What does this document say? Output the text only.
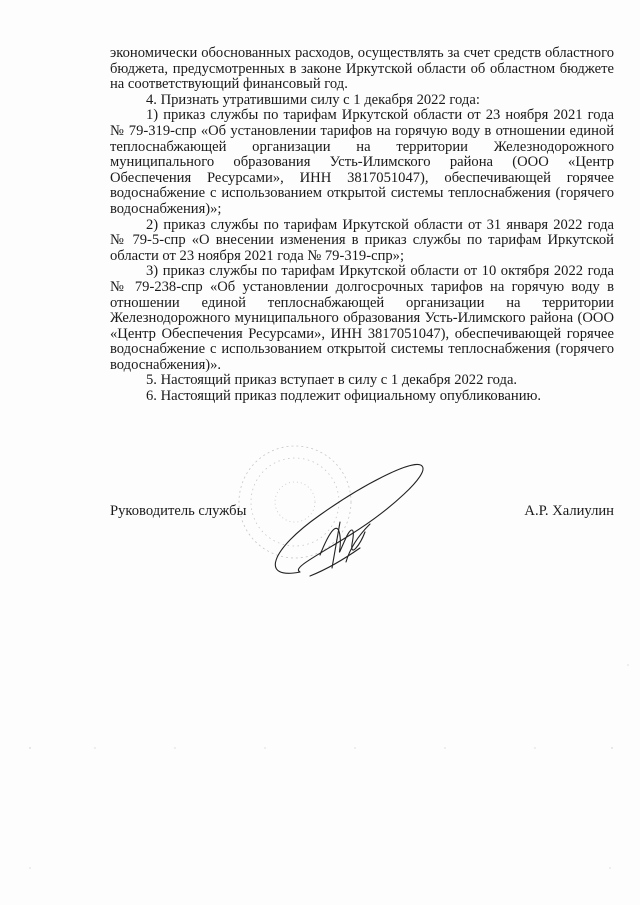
экономически обоснованных расходов, осуществлять за счет средств областного бюджета, предусмотренных в законе Иркутской области об областном бюджете на соответствующий финансовый год.

4. Признать утратившими силу с 1 декабря 2022 года:

1) приказ службы по тарифам Иркутской области от 23 ноября 2021 года № 79-319-спр «Об установлении тарифов на горячую воду в отношении единой теплоснабжающей организации на территории Железнодорожного муниципального образования Усть-Илимского района (ООО «Центр Обеспечения Ресурсами», ИНН 3817051047), обеспечивающей горячее водоснабжение с использованием открытой системы теплоснабжения (горячего водоснабжения)»;

2) приказ службы по тарифам Иркутской области от 31 января 2022 года № 79-5-спр «О внесении изменения в приказ службы по тарифам Иркутской области от 23 ноября 2021 года № 79-319-спр»;

3) приказ службы по тарифам Иркутской области от 10 октября 2022 года № 79-238-спр «Об установлении долгосрочных тарифов на горячую воду в отношении единой теплоснабжающей организации на территории Железнодорожного муниципального образования Усть-Илимского района (ООО «Центр Обеспечения Ресурсами», ИНН 3817051047), обеспечивающей горячее водоснабжение с использованием открытой системы теплоснабжения (горячего водоснабжения)».

5. Настоящий приказ вступает в силу с 1 декабря 2022 года.

6. Настоящий приказ подлежит официальному опубликованию.

Руководитель службы	А.Р. Халиулин
